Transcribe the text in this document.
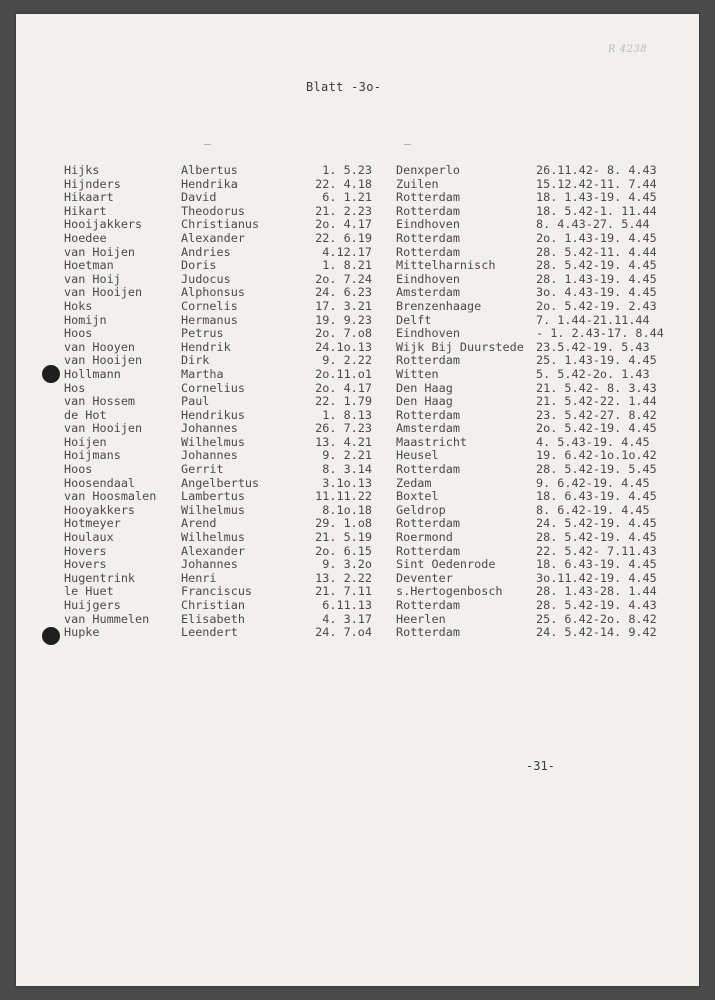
R 4238
Blatt -3o-
‾	‾
Hijks	Albertus	1. 5.23 Denxperlo	26.11.42- 8. 4.43
Hijnders	Hendrika	22. 4.18 Zuilen	15.12.42-11. 7.44
Hikaart	David	6. 1.21 Rotterdam	18. 1.43-19. 4.45
Hikart	Theodorus	21. 2.23 Rotterdam	18. 5.42-1. 11.44
Hooijakkers	Christianus	2o. 4.17 Eindhoven	8. 4.43-27. 5.44
Hoedee	Alexander	22. 6.19 Rotterdam	2o. 1.43-19. 4.45
van Hoijen	Andries	4.12.17 Rotterdam	28. 5.42-11. 4.44
Hoetman	Doris	1. 8.21 Mittelharnisch	28. 5.42-19. 4.45
van Hoij	Judocus	2o. 7.24 Eindhoven	28. 1.43-19. 4.45
van Hooijen	Alphonsus	24. 6.23 Amsterdam	3o. 4.43-19. 4.45
Hoks	Cornelis	17. 3.21 Brenzenhaage	2o. 5.42-19. 2.43
Homijn	Hermanus	19. 9.23 Delft	7. 1.44-21.11.44
Hoos	Petrus	2o. 7.o8 Eindhoven	- 1. 2.43-17. 8.44
van Hooyen	Hendrik	24.1o.13 Wijk Bij Duurstede 23.5.42-19. 5.43
van Hooijen	Dirk	9. 2.22 Rotterdam	25. 1.43-19. 4.45
Hollmann	Martha	2o.11.o1 Witten	5. 5.42-2o. 1.43
Hos	Cornelius	2o. 4.17 Den Haag	21. 5.42- 8. 3.43
van Hossem	Paul	22. 1.79 Den Haag	21. 5.42-22. 1.44
de Hot	Hendrikus	1. 8.13 Rotterdam	23. 5.42-27. 8.42
van Hooijen	Johannes	26. 7.23 Amsterdam	2o. 5.42-19. 4.45
Hoijen	Wilhelmus	13. 4.21 Maastricht	4. 5.43-19. 4.45
Hoijmans	Johannes	9. 2.21 Heusel	19. 6.42-1o.1o.42
Hoos	Gerrit	8. 3.14 Rotterdam	28. 5.42-19. 5.45
Hoosendaal	Angelbertus	3.1o.13 Zedam	9. 6.42-19. 4.45
van Hoosmalen Lambertus	11.11.22 Boxtel	18. 6.43-19. 4.45
Hooyakkers	Wilhelmus	8.1o.18 Geldrop	8. 6.42-19. 4.45
Hotmeyer	Arend	29. 1.o8 Rotterdam	24. 5.42-19. 4.45
Houlaux	Wilhelmus	21. 5.19 Roermond	28. 5.42-19. 4.45
Hovers	Alexander	2o. 6.15 Rotterdam	22. 5.42- 7.11.43
Hovers	Johannes	9. 3.2o Sint Oedenrode	18. 6.43-19. 4.45
Hugentrink	Henri	13. 2.22 Deventer	3o.11.42-19. 4.45
le Huet	Franciscus	21. 7.11 s.Hertogenbosch	28. 1.43-28. 1.44
Huijgers	Christian	6.11.13 Rotterdam	28. 5.42-19. 4.43
van Hummelen	Elisabeth	4. 3.17 Heerlen	25. 6.42-2o. 8.42
Hupke	Leendert	24. 7.o4 Rotterdam	24. 5.42-14. 9.42
-31-
